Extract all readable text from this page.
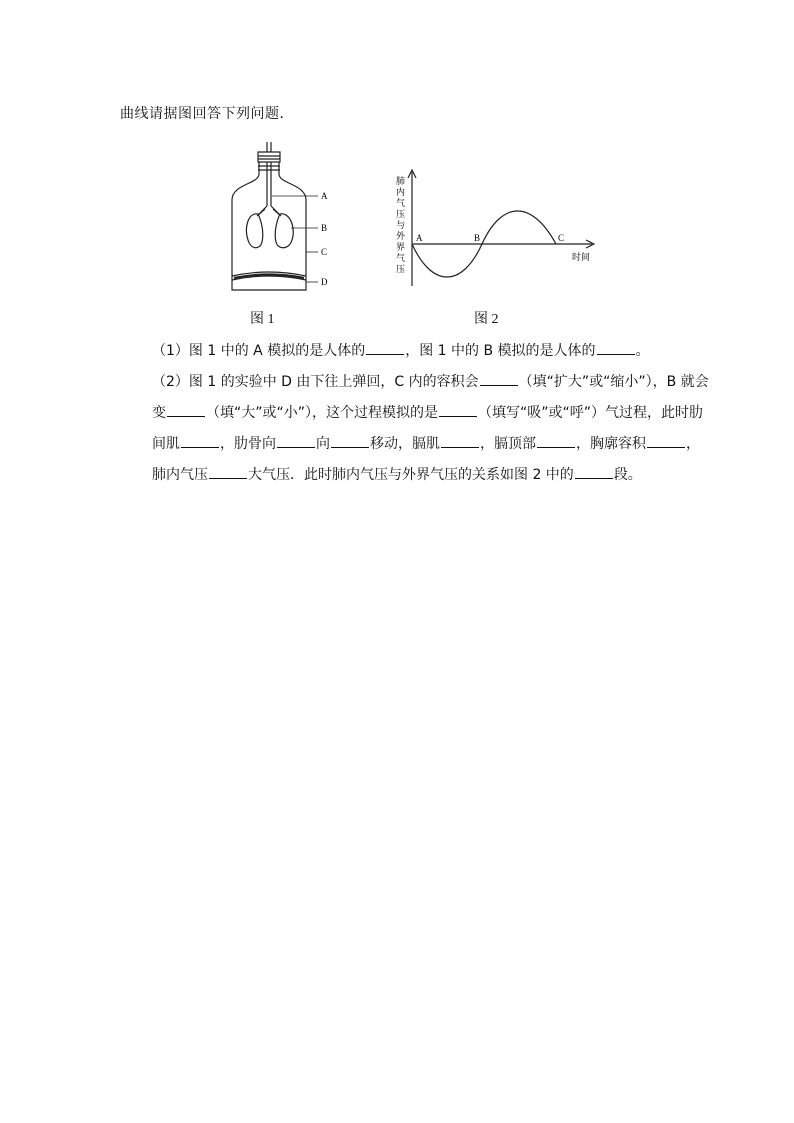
曲线请据图回答下列问题．
A
B
C
D
肺
内
气
压
与
外
界
气
压
A	B	C
时间
图 1	图 2
（1）图 1 中的 A 模拟的是人体的	，图 1 中的 B 模拟的是人体的	。
（2）图 1 的实验中 D 由下往上弹回，C 内的容积会	（填“扩大”或“缩小”），B 就会变	（填“大”或“小”），这个过程模拟的是	（填写“吸”或“呼”）气过程，此时肋间肌	，肋骨向	向	移动，膈肌	，膈顶部	，胸廓容积	，肺内气压	大气压．此时肺内气压与外界气压的关系如图 2 中的	段。
